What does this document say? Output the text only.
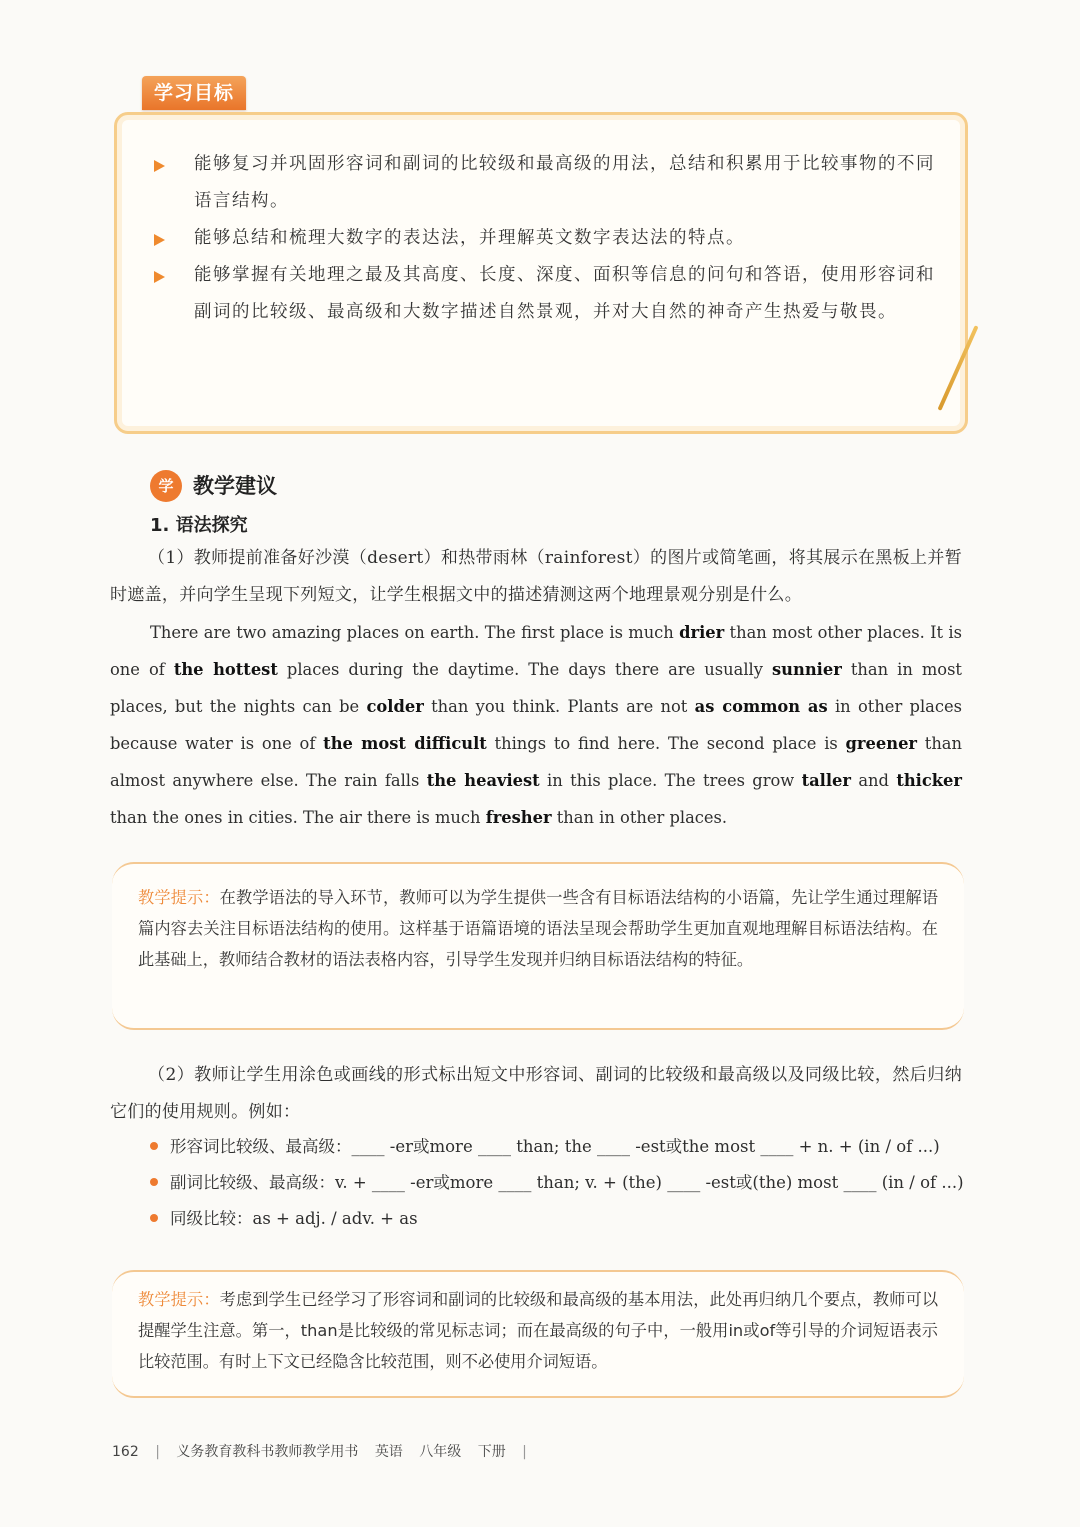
学习目标
能够复习并巩固形容词和副词的比较级和最高级的用法，总结和积累用于比较事物的不同语言结构。
能够总结和梳理大数字的表达法，并理解英文数字表达法的特点。
能够掌握有关地理之最及其高度、长度、深度、面积等信息的问句和答语，使用形容词和副词的比较级、最高级和大数字描述自然景观，并对大自然的神奇产生热爱与敬畏。
学 教学建议
1. 语法探究
（1）教师提前准备好沙漠（desert）和热带雨林（rainforest）的图片或简笔画，将其展示在黑板上并暂时遮盖，并向学生呈现下列短文，让学生根据文中的描述猜测这两个地理景观分别是什么。
There are two amazing places on earth. The first place is much drier than most other places. It is one of the hottest places during the daytime. The days there are usually sunnier than in most places, but the nights can be colder than you think. Plants are not as common as in other places because water is one of the most difficult things to find here. The second place is greener than almost anywhere else. The rain falls the heaviest in this place. The trees grow taller and thicker than the ones in cities. The air there is much fresher than in other places.
教学提示：在教学语法的导入环节，教师可以为学生提供一些含有目标语法结构的小语篇，先让学生通过理解语篇内容去关注目标语法结构的使用。这样基于语篇语境的语法呈现会帮助学生更加直观地理解目标语法结构。在此基础上，教师结合教材的语法表格内容，引导学生发现并归纳目标语法结构的特征。
（2）教师让学生用涂色或画线的形式标出短文中形容词、副词的比较级和最高级以及同级比较，然后归纳它们的使用规则。例如：
形容词比较级、最高级：____ -er或more ____ than; the ____ -est或the most ____ + n. + (in / of ...)
副词比较级、最高级：v. + ____ -er或more ____ than; v. + (the) ____ -est或(the) most ____ (in / of ...)
同级比较：as + adj. / adv. + as
教学提示：考虑到学生已经学习了形容词和副词的比较级和最高级的基本用法，此处再归纳几个要点，教师可以提醒学生注意。第一，than是比较级的常见标志词；而在最高级的句子中，一般用in或of等引导的介词短语表示比较范围。有时上下文已经隐含比较范围，则不必使用介词短语。
162 | 义务教育教科书教师教学用书 英语 八年级 下册 |
